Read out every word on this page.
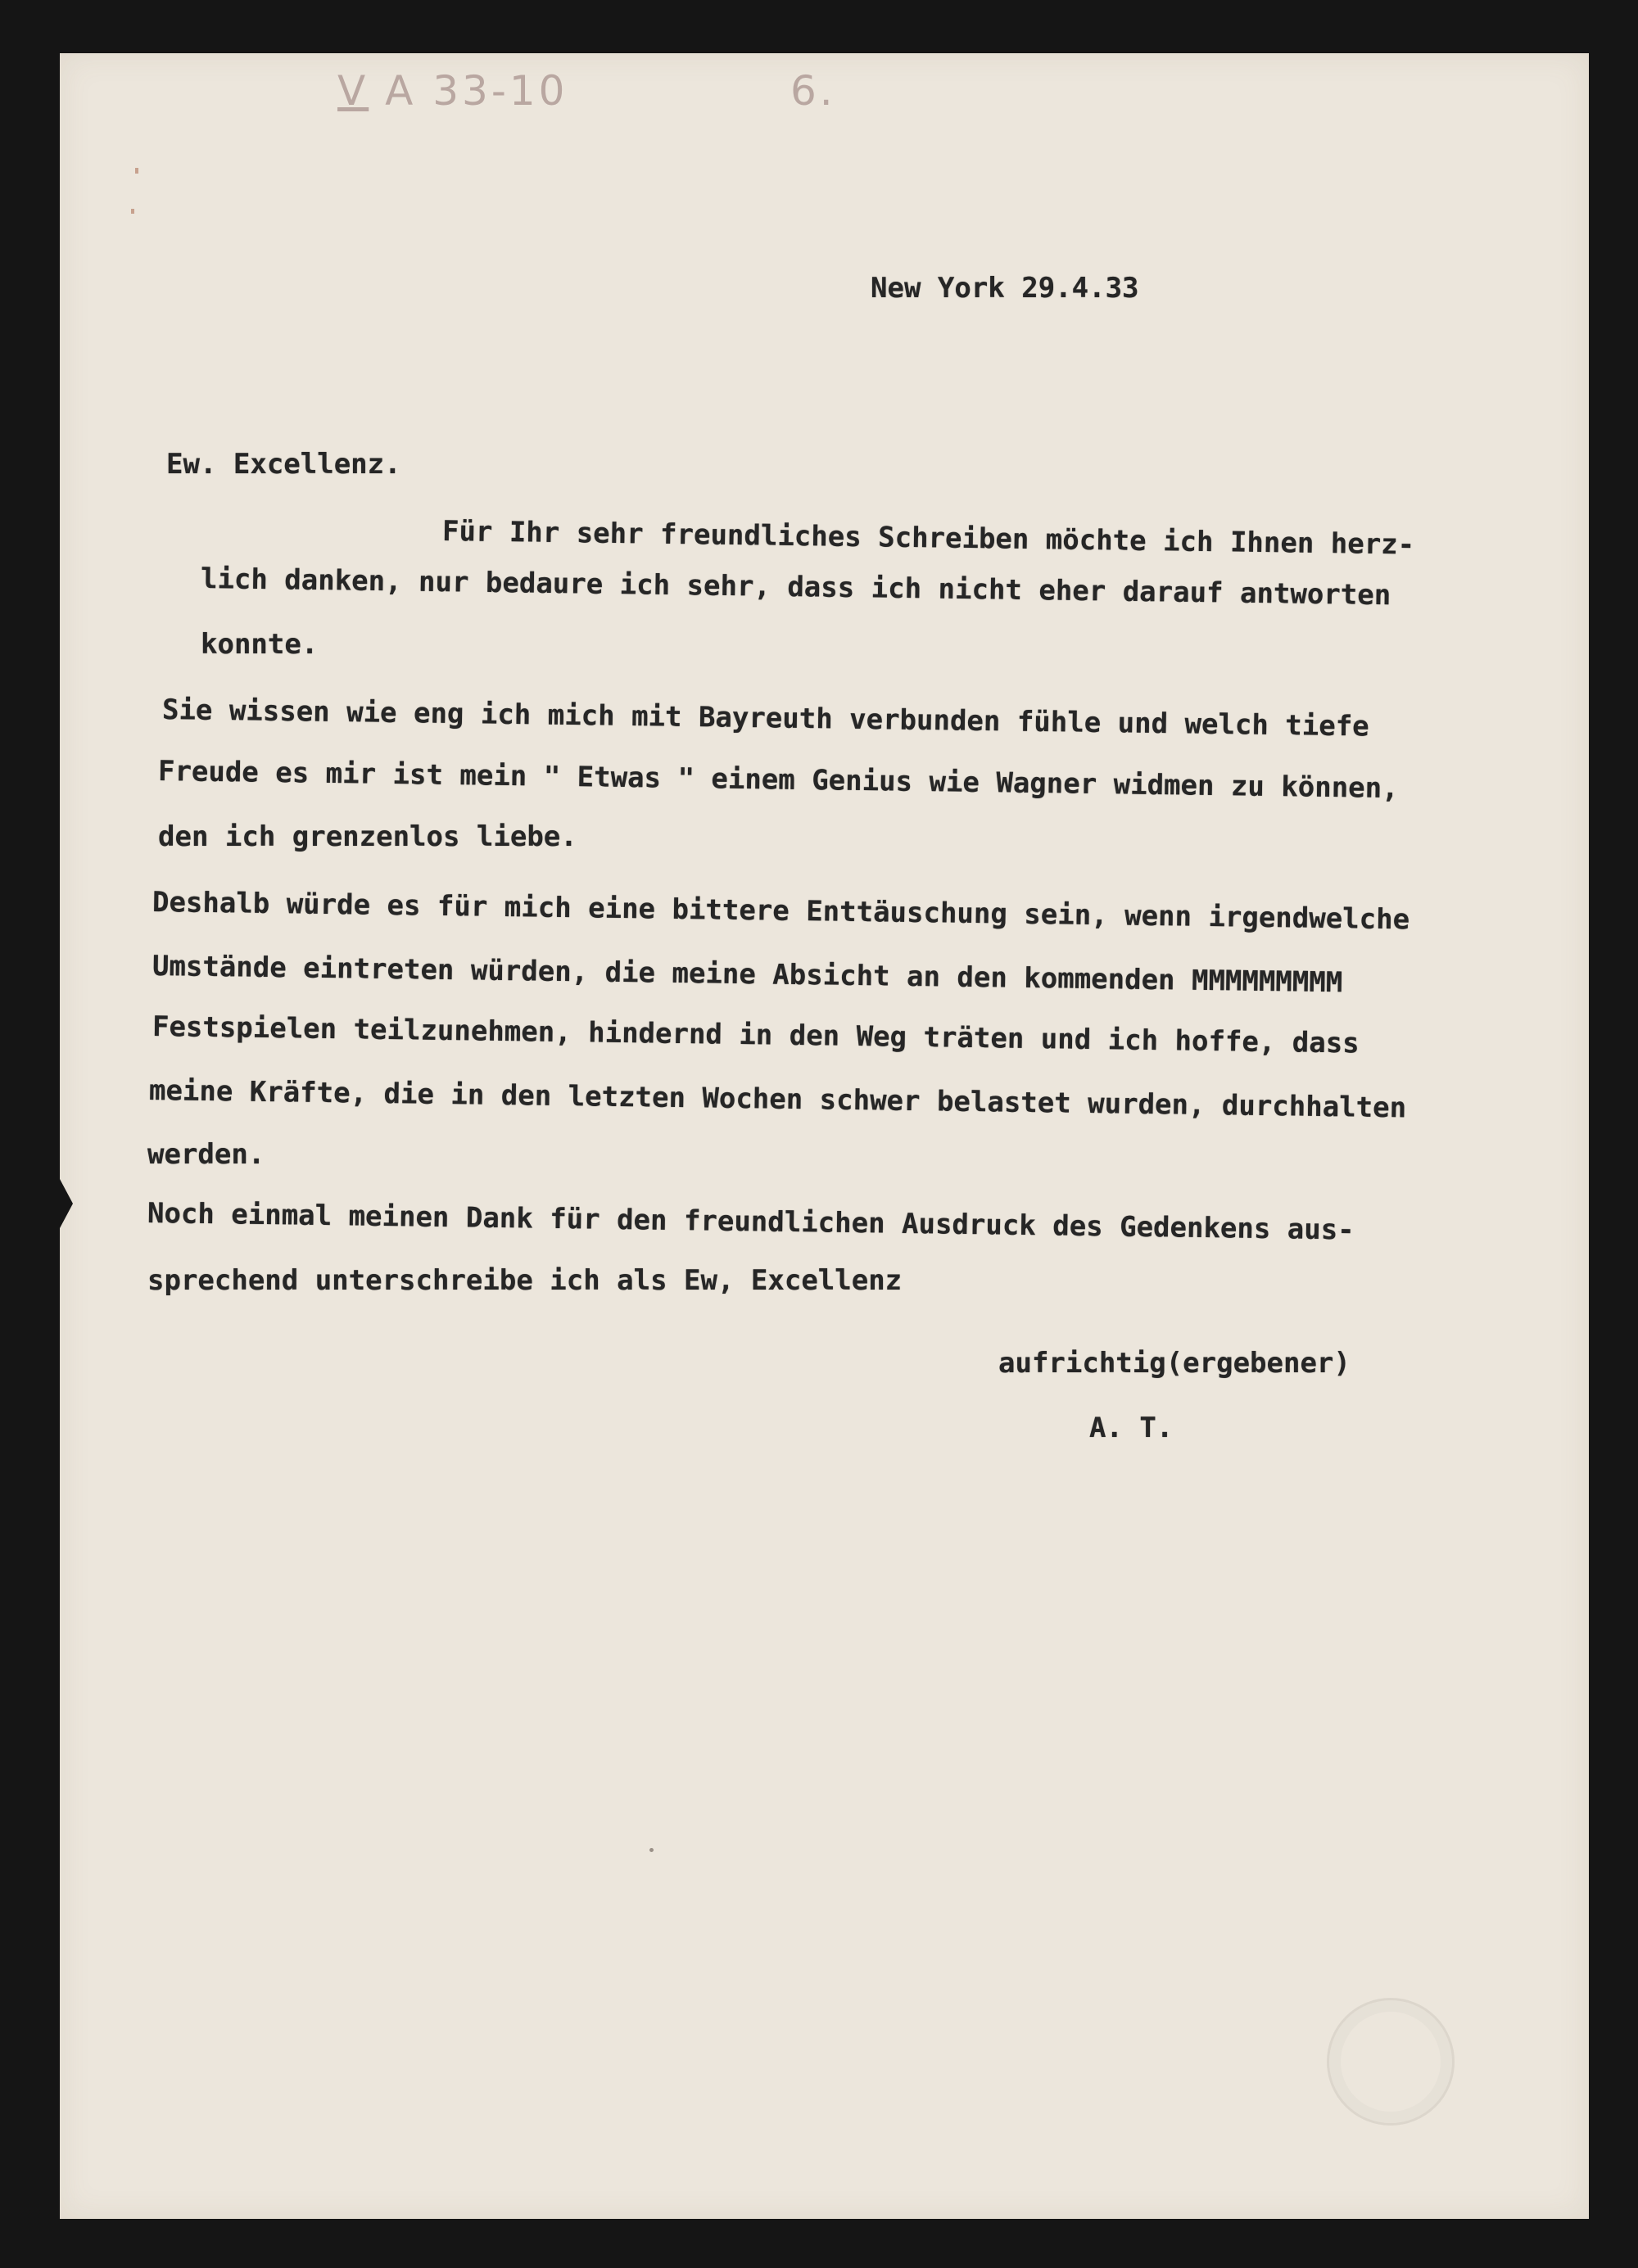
V A 33-10	6.
New York 29.4.33
Ew. Excellenz.
Für Ihr sehr freundliches Schreiben möchte ich Ihnen herz-
lich danken, nur bedaure ich sehr, dass ich nicht eher darauf antworten
konnte.
Sie wissen wie eng ich mich mit Bayreuth verbunden fühle und welch tiefe
Freude es mir ist mein " Etwas " einem Genius wie Wagner widmen zu können,
den ich grenzenlos liebe.
Deshalb würde es für mich eine bittere Enttäuschung sein, wenn irgendwelche
Umstände eintreten würden, die meine Absicht an den kommenden MMMMMMMMM
Festspielen teilzunehmen, hindernd in den Weg träten und ich hoffe, dass
meine Kräfte, die in den letzten Wochen schwer belastet wurden, durchhalten
werden.
Noch einmal meinen Dank für den freundlichen Ausdruck des Gedenkens aus-
sprechend unterschreibe ich als Ew, Excellenz
aufrichtig(ergebener)
A. T.
